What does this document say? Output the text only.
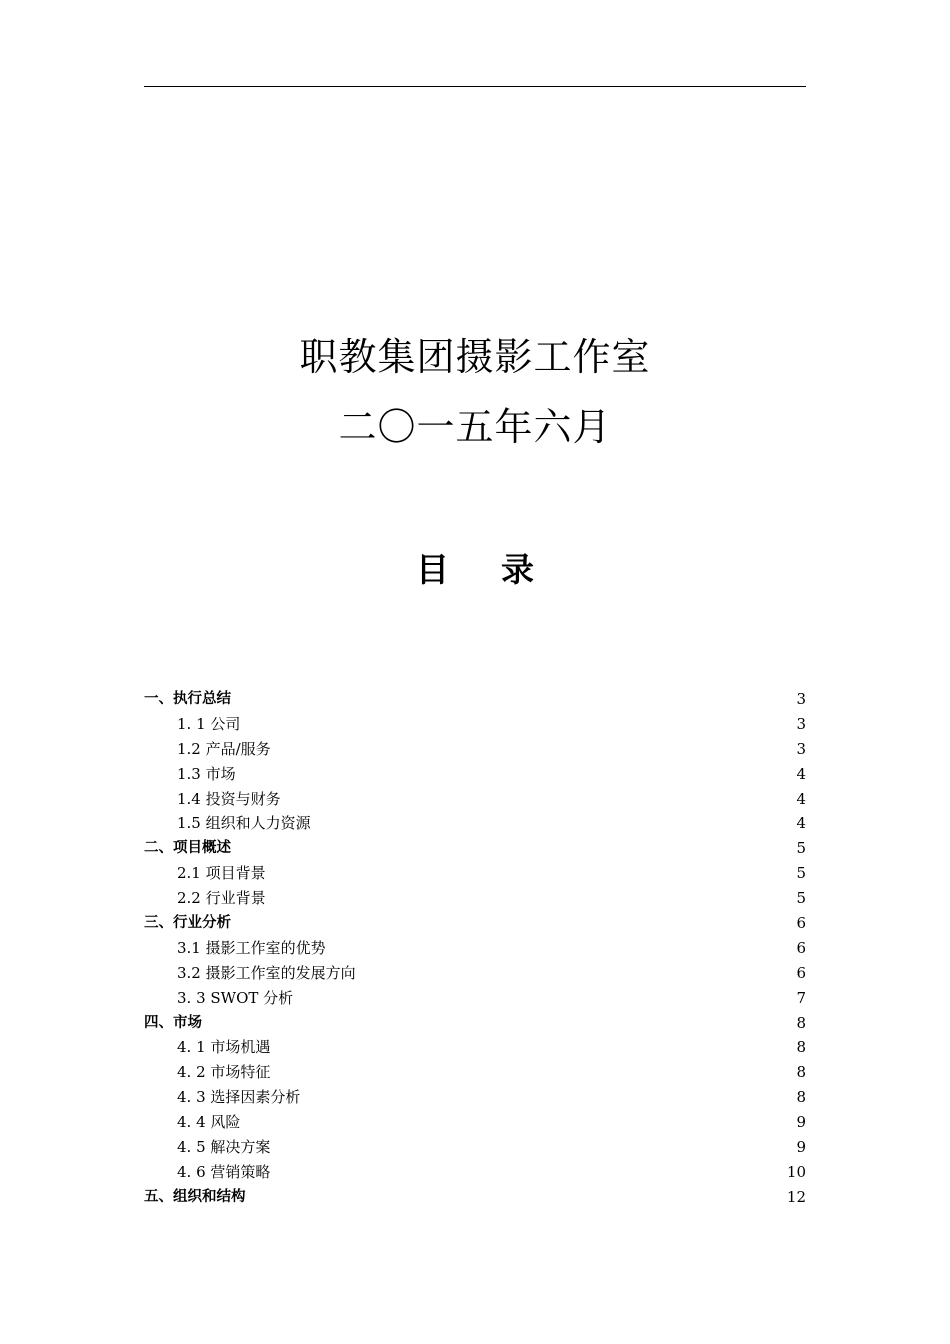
职教集团摄影工作室
二〇一五年六月
目 录
一、执行总结	3
1. 1 公司	3
1.2 产品/服务	3
1.3 市场	4
1.4 投资与财务	4
1.5 组织和人力资源	4
二、项目概述	5
2.1 项目背景	5
2.2 行业背景	5
三、行业分析	6
3.1 摄影工作室的优势	6
3.2 摄影工作室的发展方向	6
3. 3 SWOT 分析	7
四、市场	8
4. 1 市场机遇	8
4. 2 市场特征	8
4. 3 选择因素分析	8
4. 4 风险	9
4. 5 解决方案	9
4. 6 营销策略	10
五、组织和结构	12
